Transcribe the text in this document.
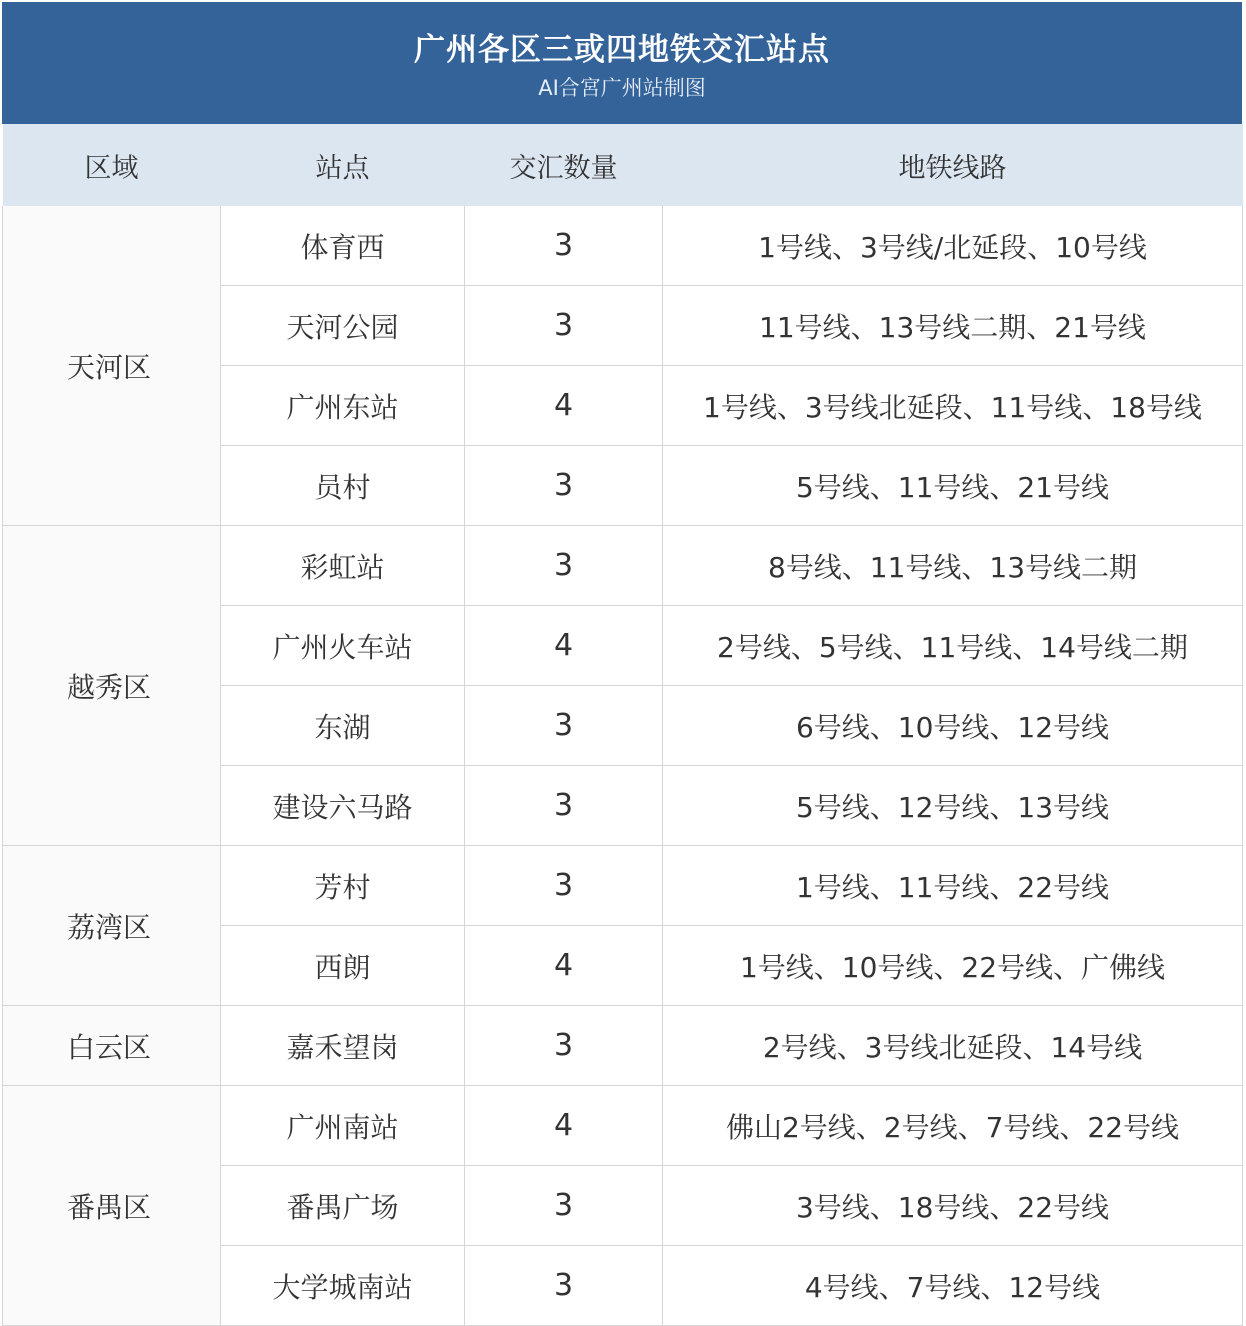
广州各区三或四地铁交汇站点
AI合宮广州站制图
区域	站点	交汇数量	地铁线路
天河区	体育西	3	1号线、3号线/北延段、10号线
	天河公园	3	11号线、13号线二期、21号线
	广州东站	4	1号线、3号线北延段、11号线、18号线
	员村	3	5号线、11号线、21号线
越秀区	彩虹站	3	8号线、11号线、13号线二期
	广州火车站	4	2号线、5号线、11号线、14号线二期
	东湖	3	6号线、10号线、12号线
	建设六马路	3	5号线、12号线、13号线
荔湾区	芳村	3	1号线、11号线、22号线
	西朗	4	1号线、10号线、22号线、广佛线
白云区	嘉禾望岗	3	2号线、3号线北延段、14号线
番禺区	广州南站	4	佛山2号线、2号线、7号线、22号线
	番禺广场	3	3号线、18号线、22号线
	大学城南站	3	4号线、7号线、12号线
